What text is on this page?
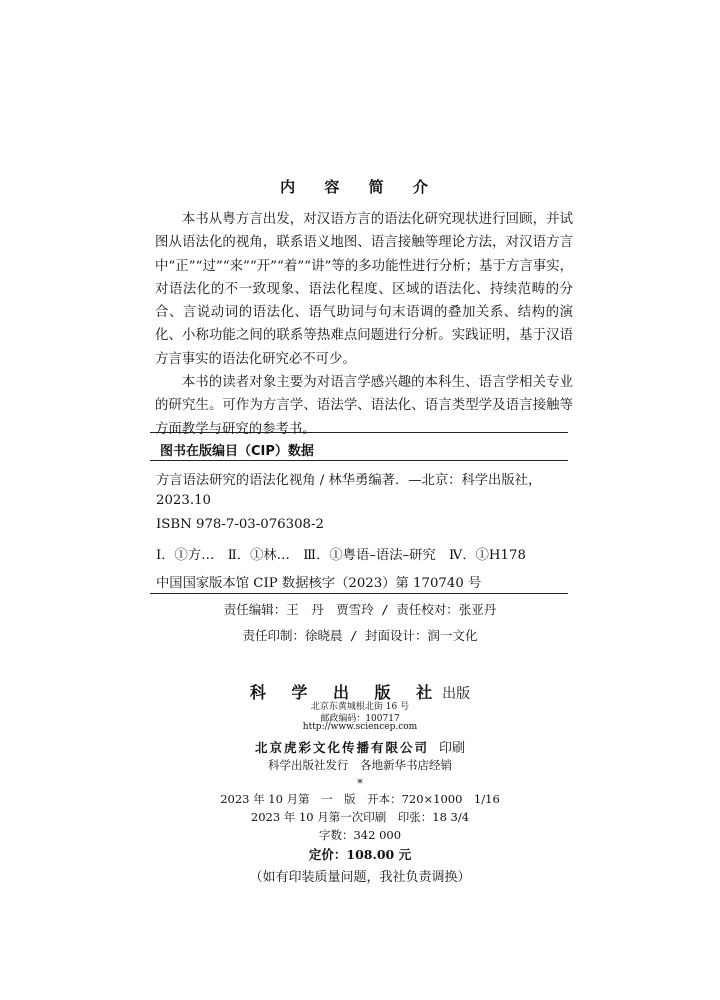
内 容 简 介

本书从粤方言出发，对汉语方言的语法化研究现状进行回顾，并试图从语法化的视角，联系语义地图、语言接触等理论方法，对汉语方言中“正”“过”“来”“开”“着”“讲”等的多功能性进行分析；基于方言事实，对语法化的不一致现象、语法化程度、区域的语法化、持续范畴的分合、言说动词的语法化、语气助词与句末语调的叠加关系、结构的演化、小称功能之间的联系等热难点问题进行分析。实践证明，基于汉语方言事实的语法化研究必不可少。

本书的读者对象主要为对语言学感兴趣的本科生、语言学相关专业的研究生。可作为方言学、语法学、语法化、语言类型学及语言接触等方面教学与研究的参考书。

图书在版编目（CIP）数据
方言语法研究的语法化视角 / 林华勇编著．—北京：科学出版社，
2023.10
ISBN 978-7-03-076308-2
Ⅰ．①方…　Ⅱ．①林…　Ⅲ．①粤语–语法–研究　Ⅳ．①H178
中国国家版本馆 CIP 数据核字（2023）第 170740 号
责任编辑：王　丹　贾雪玲 / 责任校对：张亚丹
责任印制：徐晓晨 / 封面设计：润一文化
科 学 出 版 社出版
北京东黄城根北街 16 号
邮政编码：100717
http://www.sciencep.com
北京虎彩文化传播有限公司 印刷
科学出版社发行　各地新华书店经销
*
2023 年 10 月第　一　版　开本：720×1000　1/16
2023 年 10 月第一次印刷　印张：18 3/4
字数：342 000
定价：108.00 元
（如有印装质量问题，我社负责调换）
